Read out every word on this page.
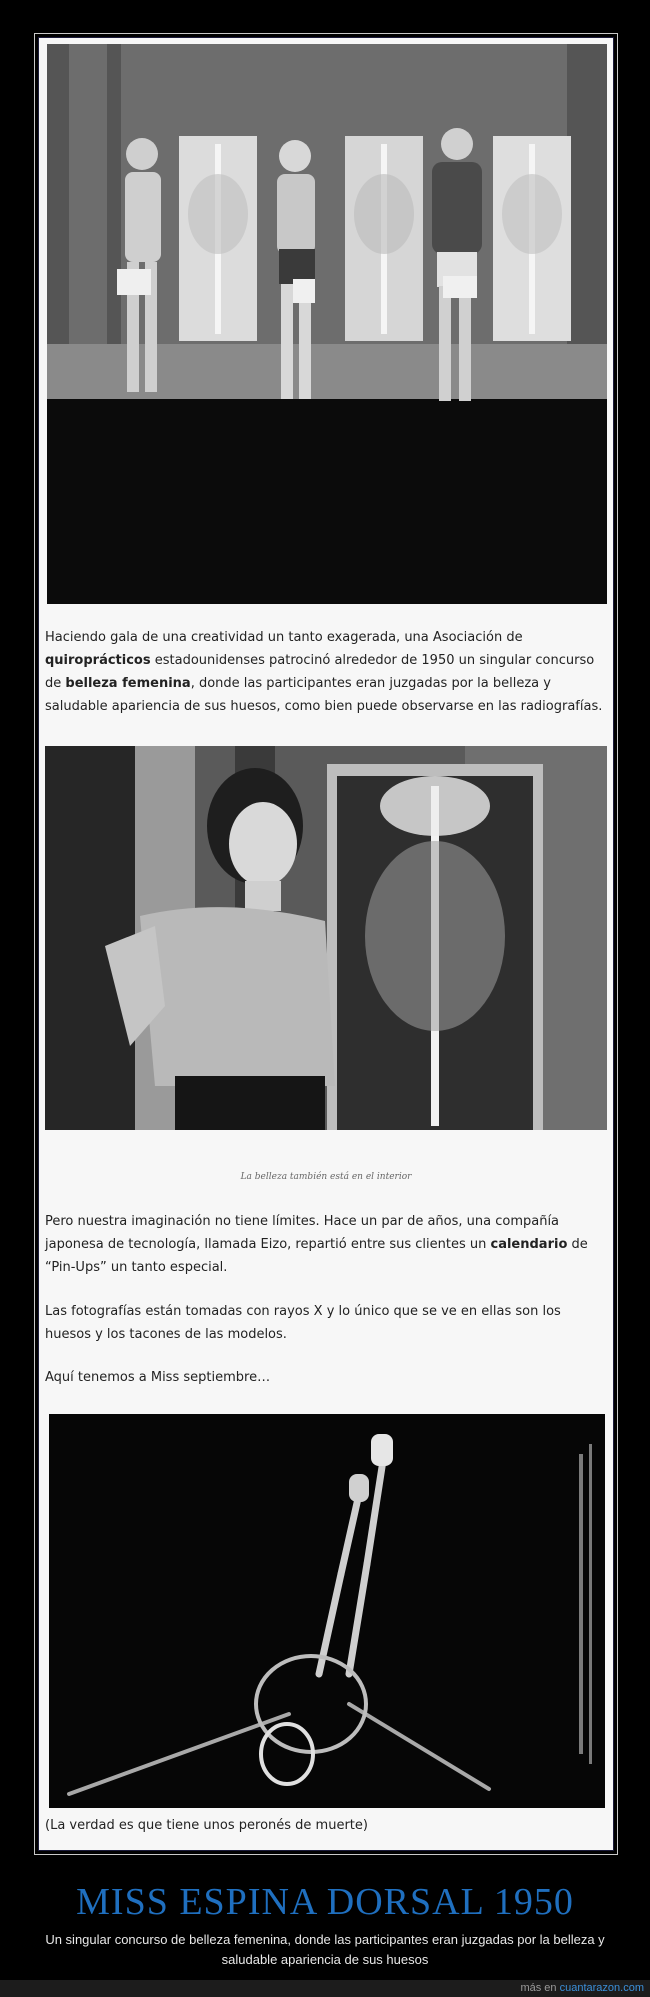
Haciendo gala de una creatividad un tanto exagerada, una Asociación de quiroprácticos estadounidenses patrocinó alrededor de 1950 un singular concurso de belleza femenina, donde las participantes eran juzgadas por la belleza y saludable apariencia de sus huesos, como bien puede observarse en las radiografías.
La belleza también está en el interior
Pero nuestra imaginación no tiene límites. Hace un par de años, una compañía japonesa de tecnología, llamada Eizo, repartió entre sus clientes un calendario de “Pin-Ups” un tanto especial.
Las fotografías están tomadas con rayos X y lo único que se ve en ellas son los huesos y los tacones de las modelos.
Aquí tenemos a Miss septiembre…
(La verdad es que tiene unos peronés de muerte)
MISS ESPINA DORSAL 1950
Un singular concurso de belleza femenina, donde las participantes eran juzgadas por la belleza y saludable apariencia de sus huesos
más en cuantarazon.com
